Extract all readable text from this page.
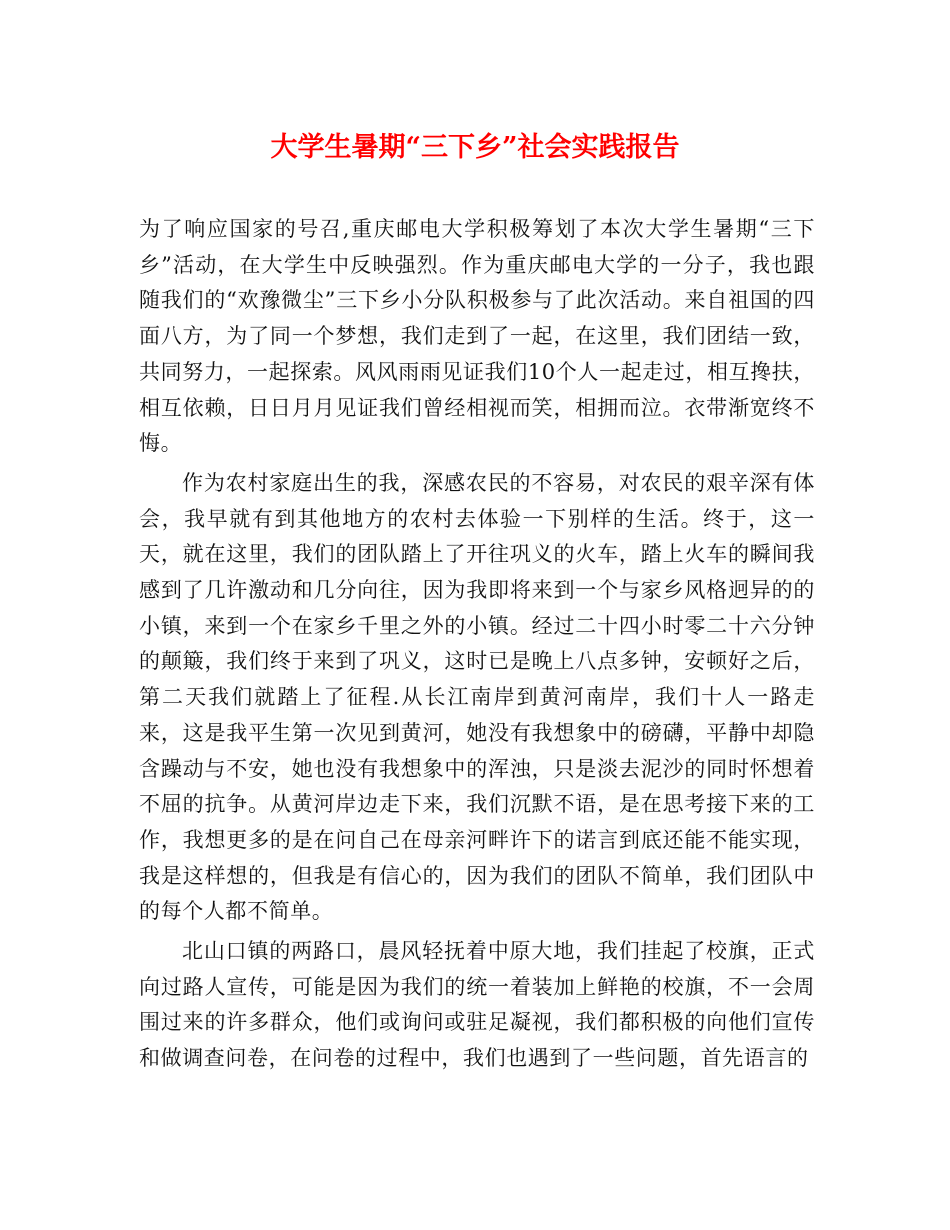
大学生暑期“三下乡”社会实践报告

为了响应国家的号召,重庆邮电大学积极筹划了本次大学生暑期“三下乡”活动，在大学生中反映强烈。作为重庆邮电大学的一分子，我也跟随我们的“欢豫微尘”三下乡小分队积极参与了此次活动。来自祖国的四面八方，为了同一个梦想，我们走到了一起，在这里，我们团结一致，共同努力，一起探索。风风雨雨见证我们10个人一起走过，相互搀扶，相互依赖，日日月月见证我们曾经相视而笑，相拥而泣。衣带渐宽终不悔。

作为农村家庭出生的我，深感农民的不容易，对农民的艰辛深有体会，我早就有到其他地方的农村去体验一下别样的生活。终于，这一天，就在这里，我们的团队踏上了开往巩义的火车，踏上火车的瞬间我感到了几许激动和几分向往，因为我即将来到一个与家乡风格迥异的的小镇，来到一个在家乡千里之外的小镇。经过二十四小时零二十六分钟的颠簸，我们终于来到了巩义，这时已是晚上八点多钟，安顿好之后，第二天我们就踏上了征程.从长江南岸到黄河南岸，我们十人一路走来，这是我平生第一次见到黄河，她没有我想象中的磅礴，平静中却隐含躁动与不安，她也没有我想象中的浑浊，只是淡去泥沙的同时怀想着不屈的抗争。从黄河岸边走下来，我们沉默不语，是在思考接下来的工作，我想更多的是在问自己在母亲河畔许下的诺言到底还能不能实现，我是这样想的，但我是有信心的，因为我们的团队不简单，我们团队中的每个人都不简单。

北山口镇的两路口，晨风轻抚着中原大地，我们挂起了校旗，正式向过路人宣传，可能是因为我们的统一着装加上鲜艳的校旗，不一会周围过来的许多群众，他们或询问或驻足凝视，我们都积极的向他们宣传和做调查问卷，在问卷的过程中，我们也遇到了一些问题，首先语言的
